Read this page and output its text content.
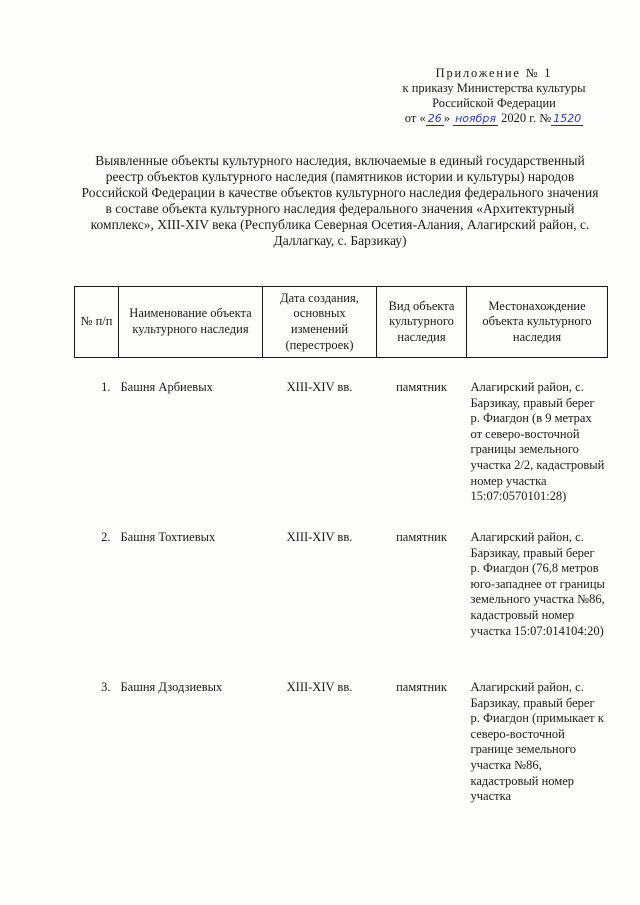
Приложение № 1
к приказу Министерства культуры
Российской Федерации
от « 26 » ноября 2020 г. № 1520
Выявленные объекты культурного наследия, включаемые в единый государственный реестр объектов культурного наследия (памятников истории и культуры) народов Российской Федерации в качестве объектов культурного наследия федерального значения в составе объекта культурного наследия федерального значения «Архитектурный комплекс», XIII-XIV века (Республика Северная Осетия-Алания, Алагирский район, с. Даллагкау, с. Барзикау)
№ п/п	Наименование объекта культурного наследия	Дата создания, основных изменений (перестроек)	Вид объекта культурного наследия	Местонахождение объекта культурного наследия

1.	Башня Арбиевых	XIII-XIV вв.	памятник	Алагирский район, с. Барзикау, правый берег р. Фиагдон (в 9 метрах от северо-восточной границы земельного участка 2/2, кадастровый номер участка 15:07:0570101:28)
2.	Башня Тохтиевых	XIII-XIV вв.	памятник	Алагирский район, с. Барзикау, правый берег р. Фиагдон (76,8 метров юго-западнее от границы земельного участка №86, кадастровый номер участка 15:07:014104:20)
3.	Башня Дзодзиевых	XIII-XIV вв.	памятник	Алагирский район, с. Барзикау, правый берег р. Фиагдон (примыкает к северо-восточной границе земельного участка №86, кадастровый номер участка
